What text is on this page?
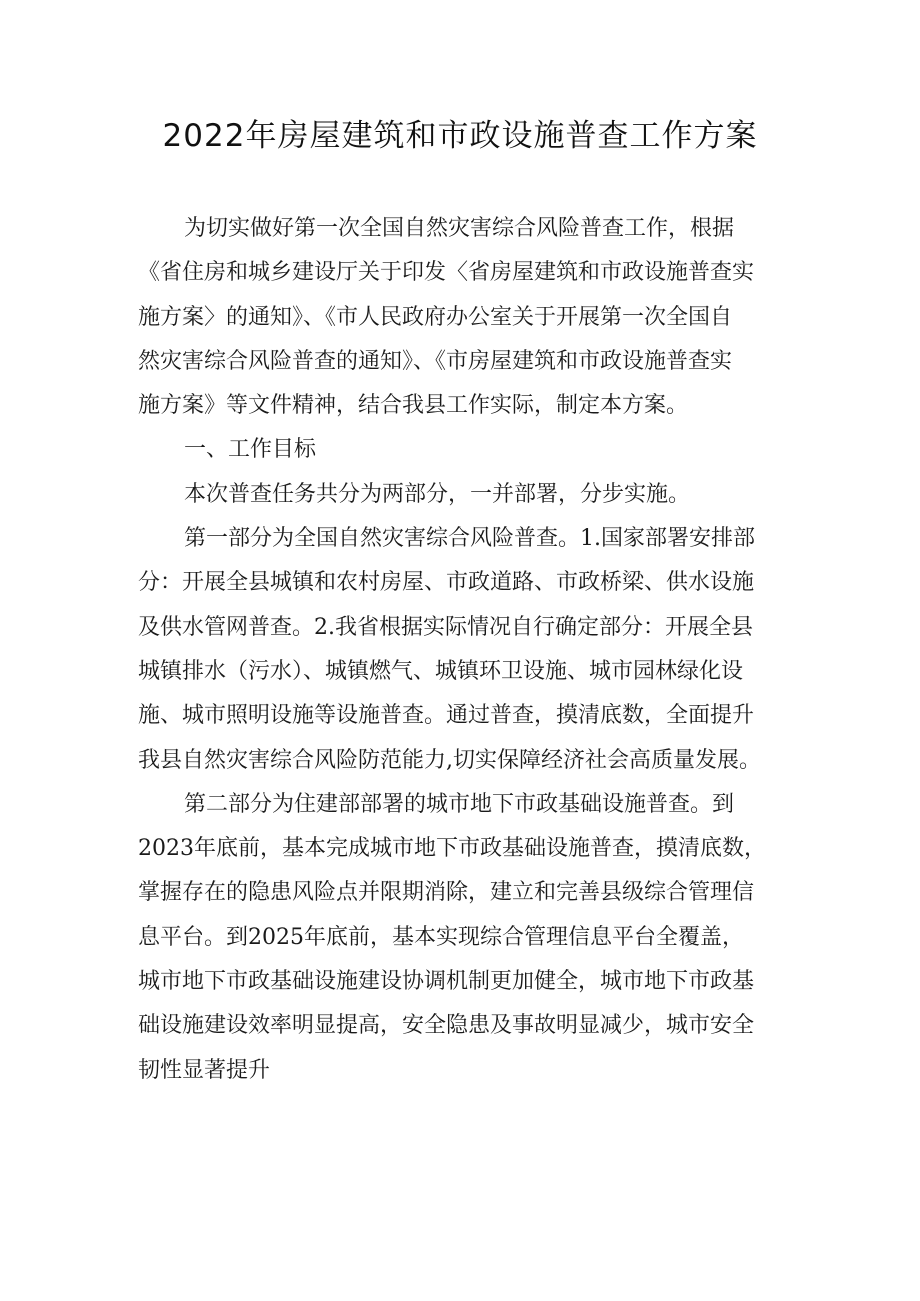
2022年房屋建筑和市政设施普查工作方案
为切实做好第一次全国自然灾害综合风险普查工作，根据
《省住房和城乡建设厅关于印发〈省房屋建筑和市政设施普查实
施方案〉的通知》、《市人民政府办公室关于开展第一次全国自
然灾害综合风险普查的通知》、《市房屋建筑和市政设施普查实
施方案》等文件精神，结合我县工作实际，制定本方案。
一、工作目标
本次普查任务共分为两部分，一并部署，分步实施。
第一部分为全国自然灾害综合风险普查。1.国家部署安排部
分：开展全县城镇和农村房屋、市政道路、市政桥梁、供水设施
及供水管网普查。2.我省根据实际情况自行确定部分：开展全县
城镇排水（污水）、城镇燃气、城镇环卫设施、城市园林绿化设
施、城市照明设施等设施普查。通过普查，摸清底数，全面提升
我县自然灾害综合风险防范能力,切实保障经济社会高质量发展。
第二部分为住建部部署的城市地下市政基础设施普查。到
2023年底前，基本完成城市地下市政基础设施普查，摸清底数，
掌握存在的隐患风险点并限期消除，建立和完善县级综合管理信
息平台。到2025年底前，基本实现综合管理信息平台全覆盖，
城市地下市政基础设施建设协调机制更加健全，城市地下市政基
础设施建设效率明显提高，安全隐患及事故明显减少，城市安全
韧性显著提升
